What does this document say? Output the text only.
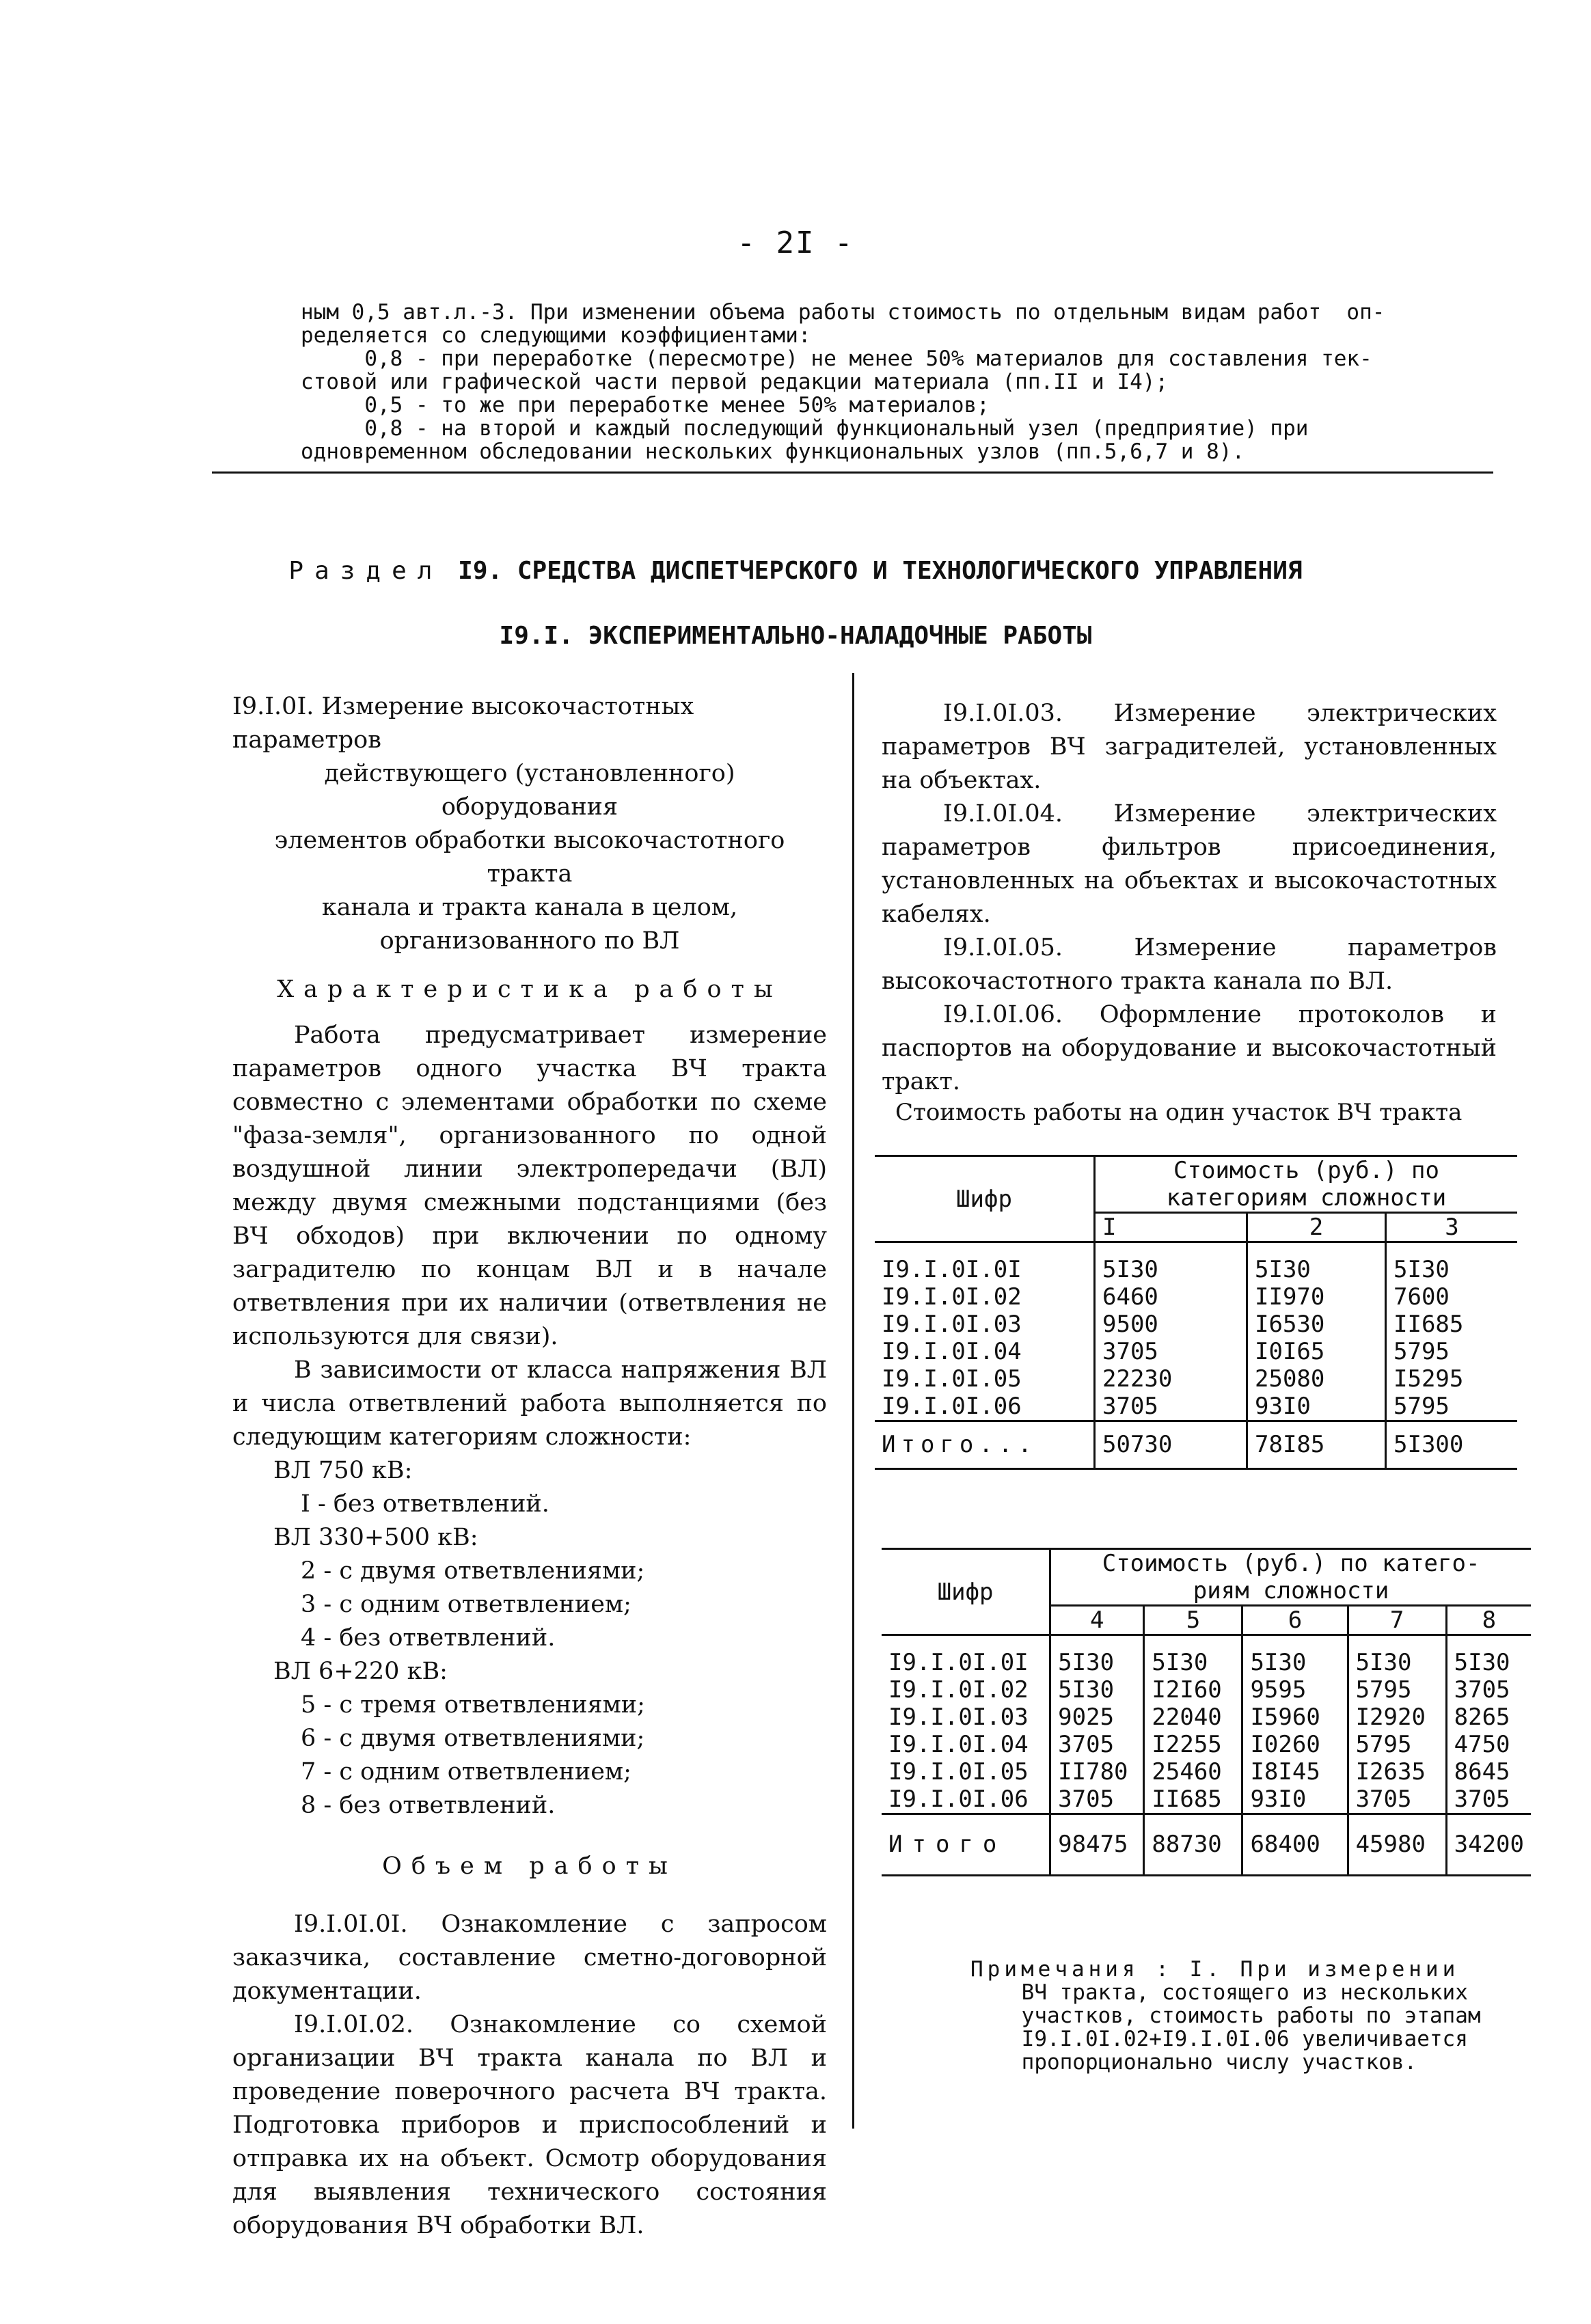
- 2I -
ным 0,5 авт.л.-3. При изменении объема работы стоимость по отдельным видам работ  оп-
ределяется со следующими коэффициентами:
0,8 - при переработке (пересмотре) не менее 50% материалов для составления тек-
стовой или графической части первой редакции материала (пп.II и I4);
0,5 - то же при переработке менее 50% материалов;
0,8 - на второй и каждый последующий функциональный узел (предприятие) при
одновременном обследовании нескольких функциональных узлов (пп.5,6,7 и 8).
Раздел I9. СРЕДСТВА ДИСПЕТЧЕРСКОГО И ТЕХНОЛОГИЧЕСКОГО УПРАВЛЕНИЯ
I9.I. ЭКСПЕРИМЕНТАЛЬНО-НАЛАДОЧНЫЕ РАБОТЫ

I9.I.0I. Измерение высокочастотных параметров

действующего (установленного) оборудования

элементов обработки высокочастотного тракта

канала и тракта канала в целом,

организованного по ВЛ

Характеристика работы

Работа предусматривает измерение параметров одного участка ВЧ тракта совместно с элементами обработки по схеме "фаза-земля", организованного по одной воздушной линии электропередачи (ВЛ) между двумя смежными подстанциями (без ВЧ обходов) при включении по одному заградителю по концам ВЛ и в начале ответвления при их наличии (ответвления не используются для связи).

В зависимости от класса напряжения ВЛ и числа ответвлений работа выполняется по следующим категориям сложности:

ВЛ 750 кВ:

I - без ответвлений.

ВЛ 330+500 кВ:

2 - с двумя ответвлениями;

3 - с одним ответвлением;

4 - без ответвлений.

ВЛ 6+220 кВ:

5 - с тремя ответвлениями;

6 - с двумя ответвлениями;

7 - с одним ответвлением;

8 - без ответвлений.

Объем работы

I9.I.0I.0I. Ознакомление с запросом заказчика, составление сметно-договорной документации.

I9.I.0I.02. Ознакомление со схемой организации ВЧ тракта канала по ВЛ и проведение поверочного расчета ВЧ тракта. Подготовка приборов и приспособлений и отправка их на объект. Осмотр оборудования для выявления технического состояния оборудования ВЧ обработки ВЛ.

I9.I.0I.03. Измерение электрических параметров ВЧ заградителей, установленных на объектах.

I9.I.0I.04. Измерение электрических параметров фильтров присоединения, установленных на объектах и высокочастотных кабелях.

I9.I.0I.05. Измерение параметров высокочастотного тракта канала по ВЛ.

I9.I.0I.06. Оформление протоколов и паспортов на оборудование и высокочастотный тракт.

Стоимость работы на один участок ВЧ тракта
Шифр	Стоимость (руб.) по
категориям сложности		

	I	2	3

I9.I.0I.0I	5I30	5I30	5I30
I9.I.0I.02	6460	II970	7600
I9.I.0I.03	9500	I6530	II685
I9.I.0I.04	3705	I0I65	5795
I9.I.0I.05	22230	25080	I5295
I9.I.0I.06	3705	93I0	5795
Итого...	50730	78I85	5I300
Шифр	Стоимость (руб.) по катего-
риям сложности				

	4	5	6	7	8

I9.I.0I.0I	5I30	5I30	5I30	5I30	5I30
I9.I.0I.02	5I30	I2I60	9595	5795	3705
I9.I.0I.03	9025	22040	I5960	I2920	8265
I9.I.0I.04	3705	I2255	I0260	5795	4750
I9.I.0I.05	II780	25460	I8I45	I2635	8645
I9.I.0I.06	3705	II685	93I0	3705	3705
Итого	98475	88730	68400	45980	34200
Примечания : I. При измерении
ВЧ тракта, состоящего из нескольких
участков, стоимость работы по этапам
I9.I.0I.02+I9.I.0I.06 увеличивается
пропорционально числу участков.
